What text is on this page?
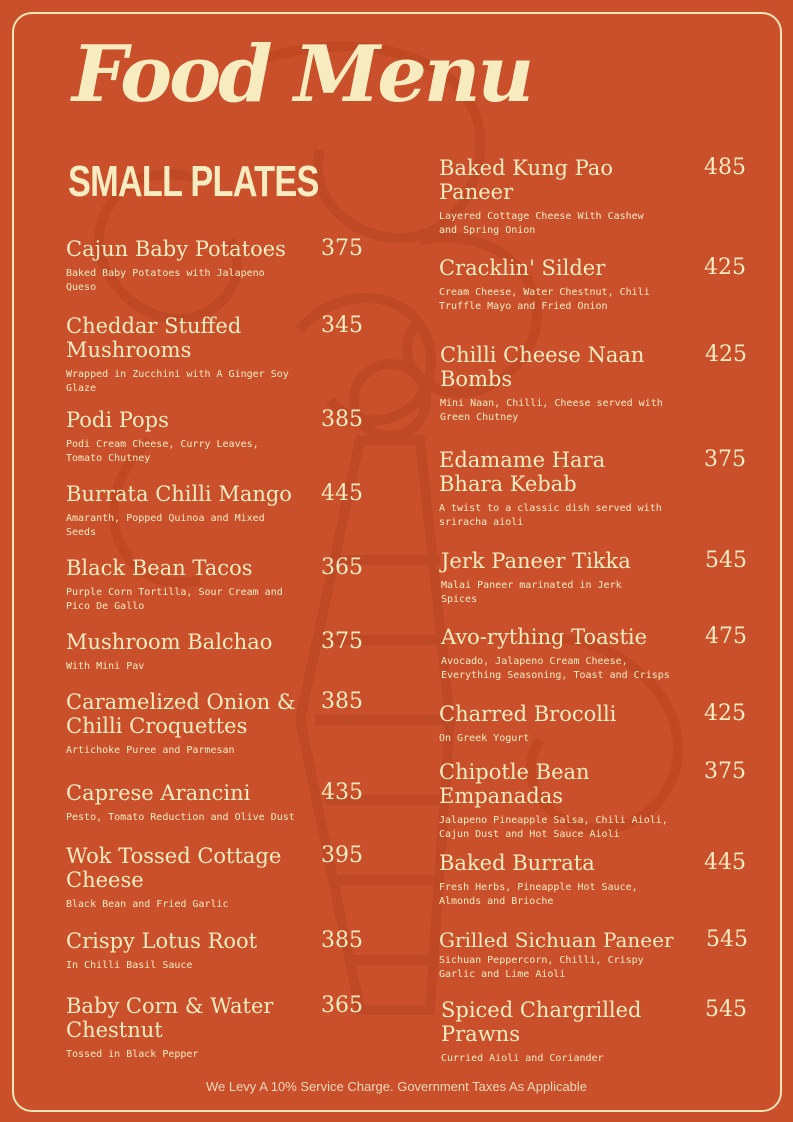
Food Menu
SMALL PLATES
Cajun Baby Potatoes	375
Baked Baby Potatoes with Jalapeno Queso
Cheddar Stuffed Mushrooms
345
Wrapped in Zucchini with A Ginger Soy Glaze
Podi Pops	385
Podi Cream Cheese, Curry Leaves, Tomato Chutney
Burrata Chilli Mango	445
Amaranth, Popped Quinoa and Mixed Seeds
Black Bean Tacos	365
Purple Corn Tortilla, Sour Cream and Pico De Gallo
Mushroom Balchao	375
With Mini Pav
Caramelized Onion & Chilli Croquettes
385
Artichoke Puree and Parmesan
Caprese Arancini	435
Pesto, Tomato Reduction and Olive Dust
Wok Tossed Cottage Cheese
395
Black Bean and Fried Garlic
Crispy Lotus Root	385
In Chilli Basil Sauce
Baby Corn & Water Chestnut
365
Tossed in Black Pepper
Baked Kung Pao Paneer
485
Layered Cottage Cheese With Cashew and Spring Onion
Cracklin' Silder	425
Cream Cheese, Water Chestnut, Chili Truffle Mayo and Fried Onion
Chilli Cheese Naan Bombs
425
Mini Naan, Chilli, Cheese served with Green Chutney
Edamame Hara Bhara Kebab
375
A twist to a classic dish served with sriracha aioli
Jerk Paneer Tikka	545
Malai Paneer marinated in Jerk Spices
Avo-rything Toastie	475
Avocado, Jalapeno Cream Cheese, Everything Seasoning, Toast and Crisps
Charred Brocolli	425
On Greek Yogurt
Chipotle Bean Empanadas
375
Jalapeno Pineapple Salsa, Chili Aioli, Cajun Dust and Hot Sauce Aioli
Baked Burrata	445
Fresh Herbs, Pineapple Hot Sauce, Almonds and Brioche
Grilled Sichuan Paneer	545
Sichuan Peppercorn, Chilli, Crispy Garlic and Lime Aioli
Spiced Chargrilled Prawns
545
Curried Aioli and Coriander
We Levy A 10% Service Charge. Government Taxes As Applicable
